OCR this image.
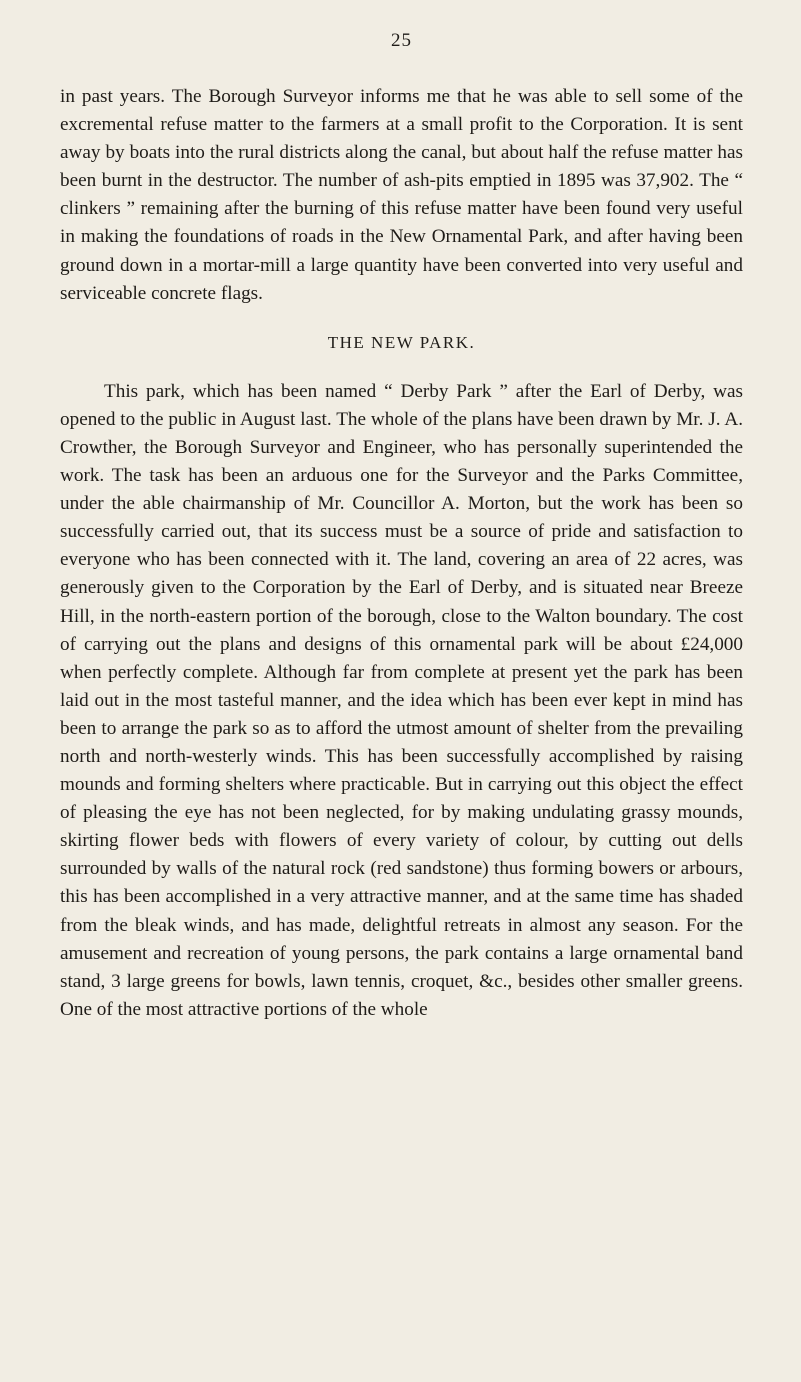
25

in past years. The Borough Surveyor informs me that he was able to sell some of the excremental refuse matter to the farmers at a small profit to the Corporation. It is sent away by boats into the rural districts along the canal, but about half the refuse matter has been burnt in the destructor. The number of ash-pits emptied in 1895 was 37,902. The “ clinkers ” remaining after the burning of this refuse matter have been found very useful in making the foundations of roads in the New Ornamental Park, and after having been ground down in a mortar-mill a large quantity have been converted into very useful and serviceable concrete flags.

THE NEW PARK.

This park, which has been named “ Derby Park ” after the Earl of Derby, was opened to the public in August last. The whole of the plans have been drawn by Mr. J. A. Crowther, the Borough Surveyor and Engineer, who has personally superintended the work. The task has been an arduous one for the Surveyor and the Parks Committee, under the able chairmanship of Mr. Councillor A. Morton, but the work has been so successfully carried out, that its success must be a source of pride and satisfaction to everyone who has been connected with it. The land, covering an area of 22 acres, was generously given to the Corporation by the Earl of Derby, and is situated near Breeze Hill, in the north-eastern portion of the borough, close to the Walton boundary. The cost of carrying out the plans and designs of this ornamental park will be about £24,000 when perfectly complete. Although far from complete at present yet the park has been laid out in the most tasteful manner, and the idea which has been ever kept in mind has been to arrange the park so as to afford the utmost amount of shelter from the prevailing north and north-westerly winds. This has been successfully accomplished by raising mounds and forming shelters where practicable. But in carrying out this object the effect of pleasing the eye has not been neglected, for by making undulating grassy mounds, skirting flower beds with flowers of every variety of colour, by cutting out dells surrounded by walls of the natural rock (red sandstone) thus forming bowers or arbours, this has been accomplished in a very attractive manner, and at the same time has shaded from the bleak winds, and has made, delightful retreats in almost any season. For the amusement and recreation of young persons, the park contains a large ornamental band stand, 3 large greens for bowls, lawn tennis, croquet, &c., besides other smaller greens. One of the most attractive portions of the whole
